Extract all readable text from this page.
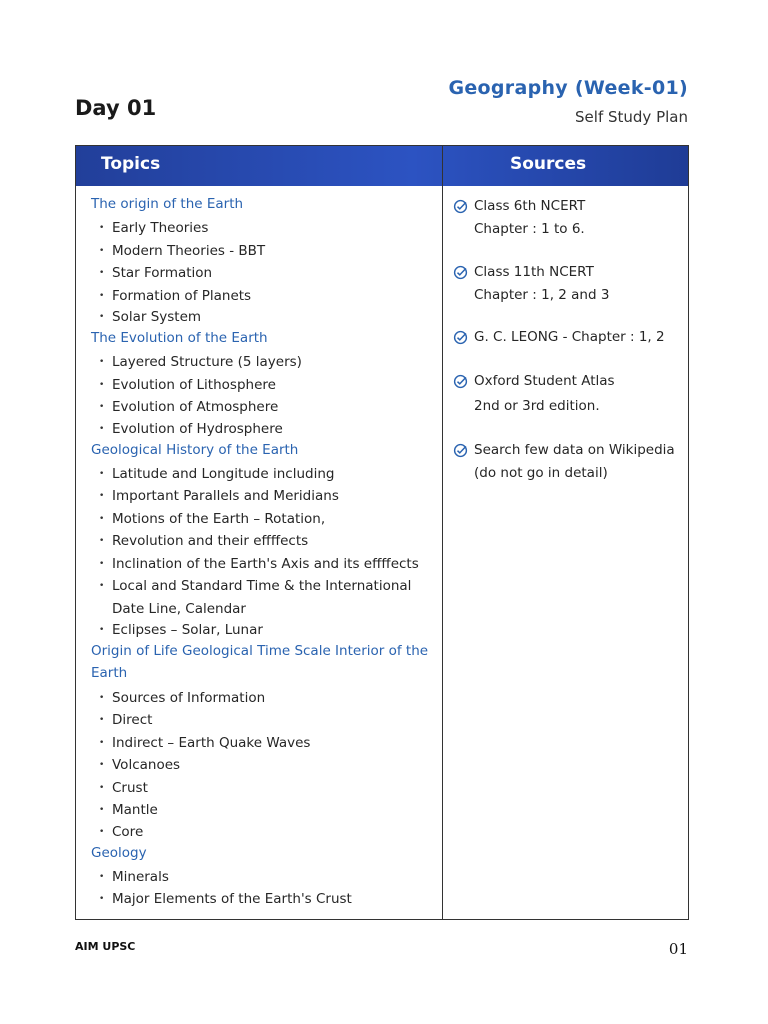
Day 01
Geography (Week-01)
Self Study Plan
Topics	Sources

The origin of the Earth

• Early Theories
• Modern Theories - BBT
• Star Formation
• Formation of Planets
• Solar System

The Evolution of the Earth

• Layered Structure (5 layers)
• Evolution of Lithosphere
• Evolution of Atmosphere
• Evolution of Hydrosphere

Geological History of the Earth

• Latitude and Longitude including
• Important Parallels and Meridians
• Motions of the Earth – Rotation,
• Revolution and their effffects
• Inclination of the Earth's Axis and its effffects
• Local and Standard Time & the International
Date Line, Calendar
• Eclipses – Solar, Lunar

Origin of Life Geological Time Scale Interior of the Earth

• Sources of Information
• Direct
• Indirect – Earth Quake Waves
• Volcanoes
• Crust
• Mantle
• Core

Geology

• Minerals
• Major Elements of the Earth's Crust
Class 6th NCERT
Chapter : 1 to 6.
Class 11th NCERT
Chapter : 1, 2 and 3
G. C. LEONG - Chapter : 1, 2
Oxford Student Atlas
2nd or 3rd edition.
Search few data on Wikipedia
(do not go in detail)
AIM UPSC	01
